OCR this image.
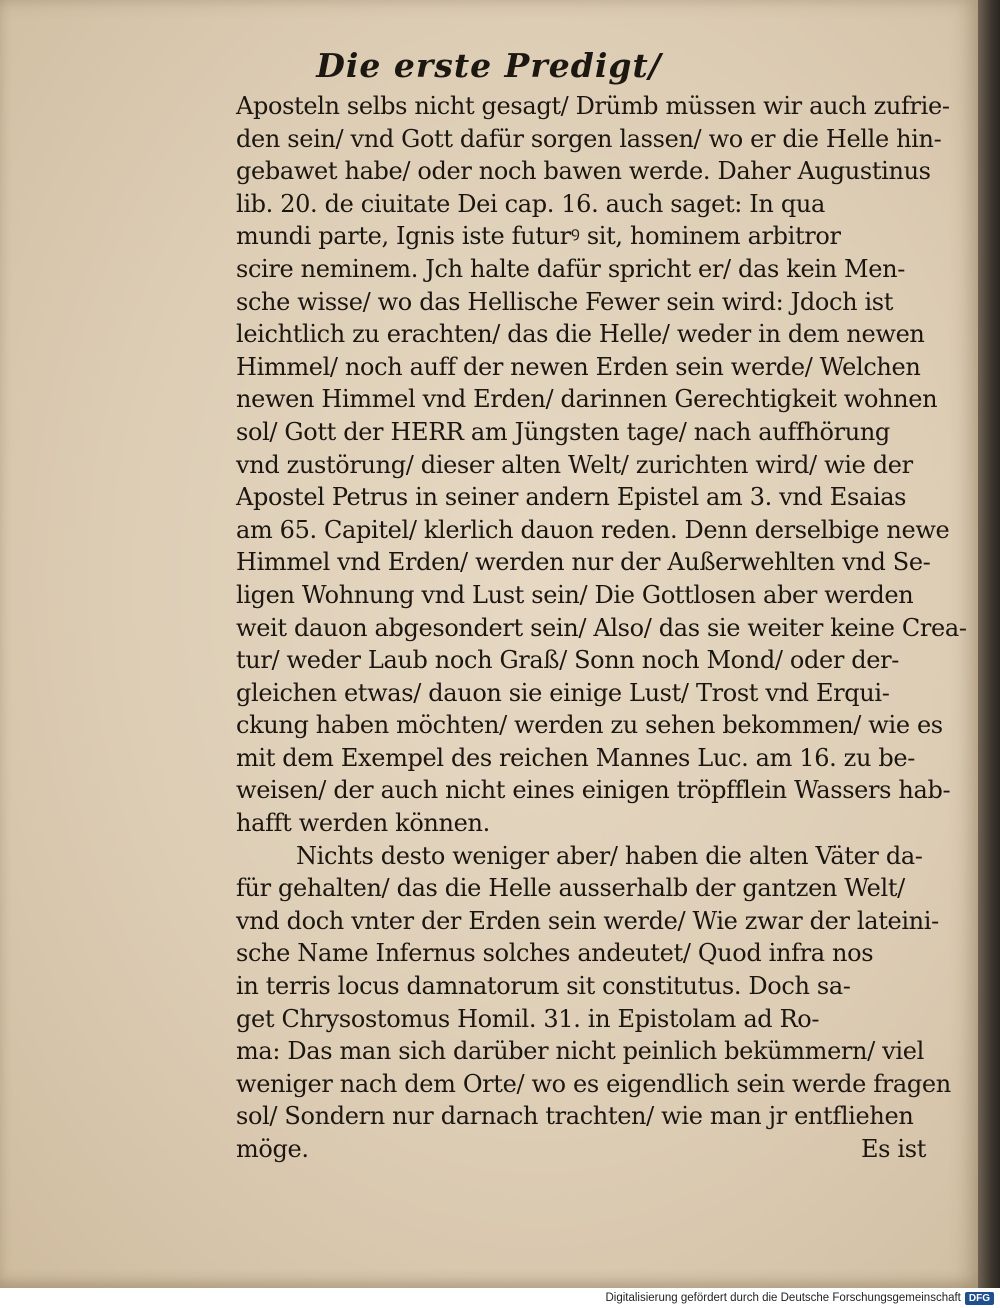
Die erste Predigt/
Aposteln selbs nicht gesagt/ Drümb müssen wir auch zufrie-
den sein/ vnd Gott dafür sorgen lassen/ wo er die Helle hin-
gebawet habe/ oder noch bawen werde. Daher Augustinus
lib. 20. de ciuitate Dei cap. 16. auch saget: In qua
mundi parte, Ignis iste futurꝰ sit, hominem arbitror
scire neminem. Jch halte dafür spricht er/ das kein Men-
sche wisse/ wo das Hellische Fewer sein wird: Jdoch ist
leichtlich zu erachten/ das die Helle/ weder in dem newen
Himmel/ noch auff der newen Erden sein werde/ Welchen
newen Himmel vnd Erden/ darinnen Gerechtigkeit wohnen
sol/ Gott der HERR am Jüngsten tage/ nach auffhörung
vnd zustörung/ dieser alten Welt/ zurichten wird/ wie der
Apostel Petrus in seiner andern Epistel am 3. vnd Esaias
am 65. Capitel/ klerlich dauon reden. Denn derselbige newe
Himmel vnd Erden/ werden nur der Außerwehlten vnd Se-
ligen Wohnung vnd Lust sein/ Die Gottlosen aber werden
weit dauon abgesondert sein/ Also/ das sie weiter keine Crea-
tur/ weder Laub noch Graß/ Sonn noch Mond/ oder der-
gleichen etwas/ dauon sie einige Lust/ Trost vnd Erqui-
ckung haben möchten/ werden zu sehen bekommen/ wie es
mit dem Exempel des reichen Mannes Luc. am 16. zu be-
weisen/ der auch nicht eines einigen tröpfflein Wassers hab-
hafft werden können.
Nichts desto weniger aber/ haben die alten Väter da-
für gehalten/ das die Helle ausserhalb der gantzen Welt/
vnd doch vnter der Erden sein werde/ Wie zwar der lateini-
sche Name Infernus solches andeutet/ Quod infra nos
in terris locus damnatorum sit constitutus. Doch sa-
get Chrysostomus Homil. 31. in Epistolam ad Ro-
ma: Das man sich darüber nicht peinlich bekümmern/ viel
weniger nach dem Orte/ wo es eigendlich sein werde fragen
sol/ Sondern nur darnach trachten/ wie man jr entfliehen
möge.	Es ist
Digitalisierung gefördert durch die Deutsche Forschungsgemeinschaft DFG
